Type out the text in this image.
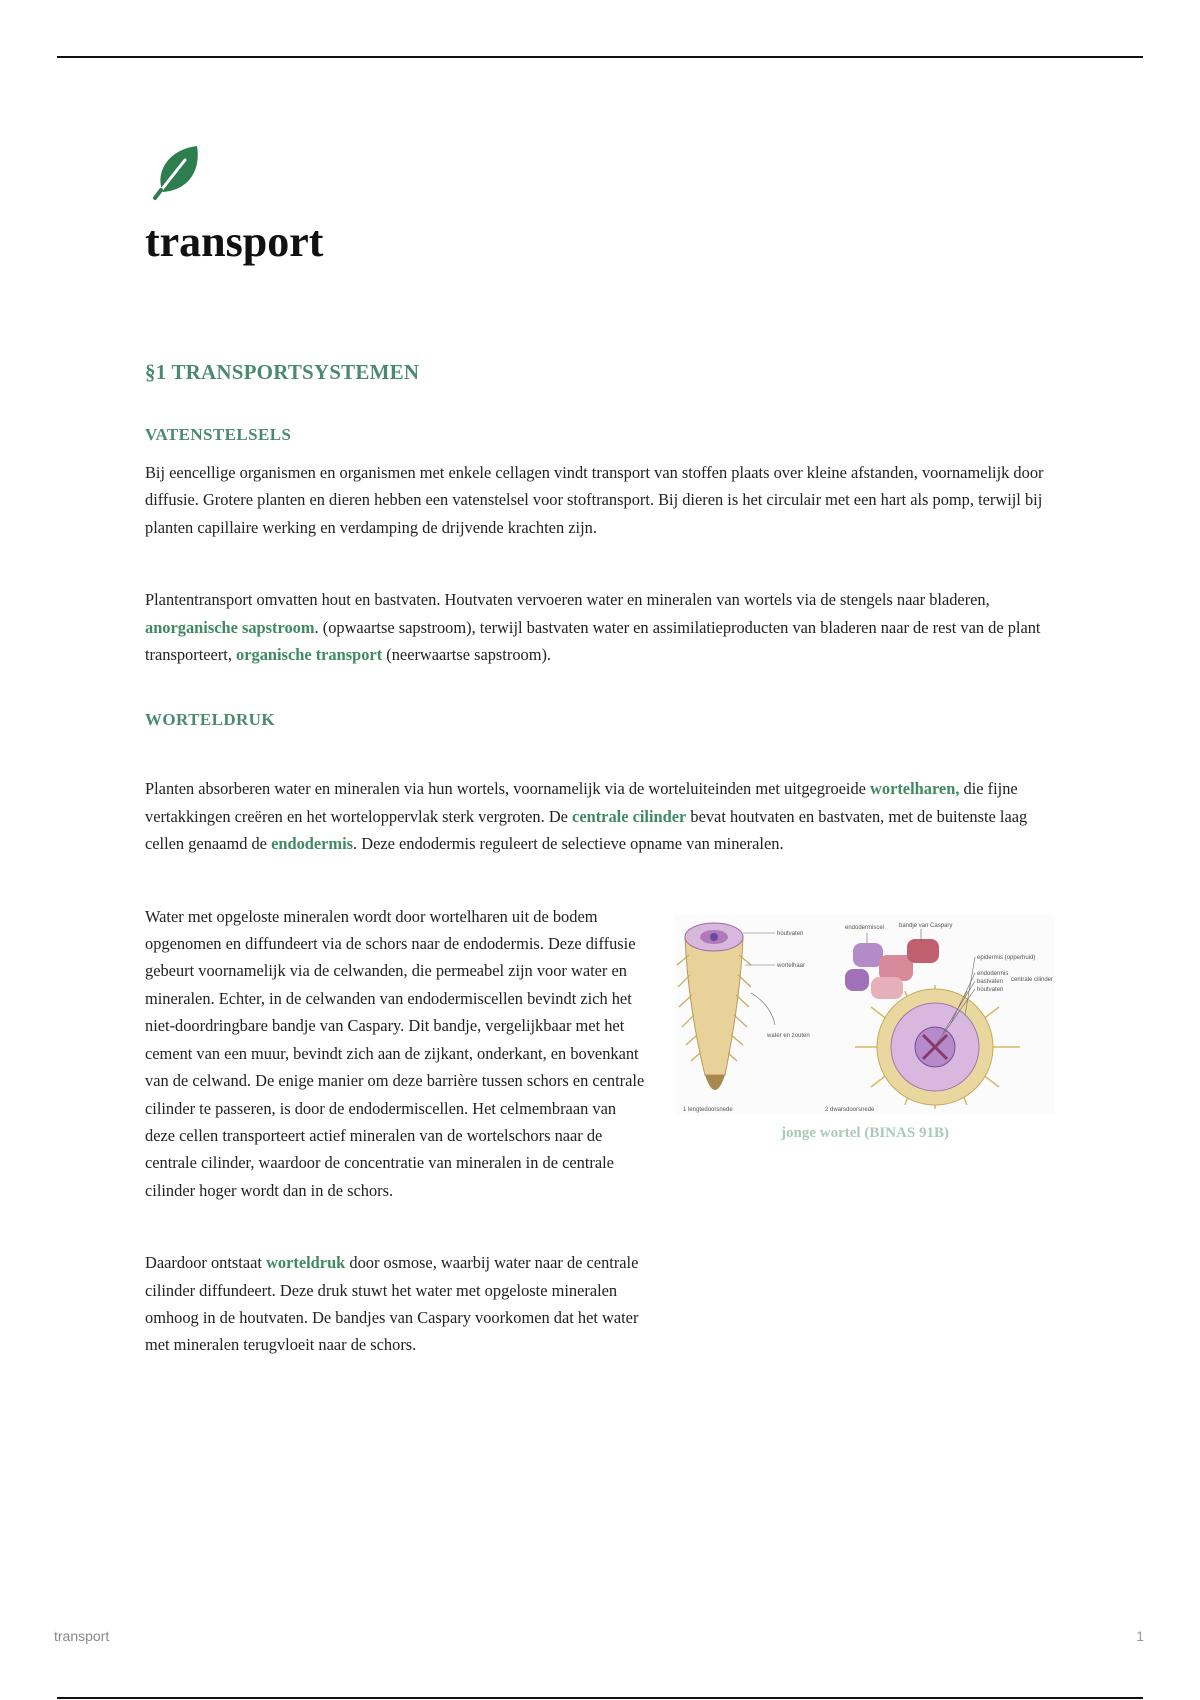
transport
§1 TRANSPORTSYSTEMEN
VATENSTELSELS

Bij eencellige organismen en organismen met enkele cellagen vindt transport van stoffen plaats over kleine afstanden, voornamelijk door diffusie. Grotere planten en dieren hebben een vatenstelsel voor stoftransport. Bij dieren is het circulair met een hart als pomp, terwijl bij planten capillaire werking en verdamping de drijvende krachten zijn.

Plantentransport omvatten hout en bastvaten. Houtvaten vervoeren water en mineralen van wortels via de stengels naar bladeren, anorganische sapstroom. (opwaartse sapstroom), terwijl bastvaten water en assimilatieproducten van bladeren naar de rest van de plant transporteert, organische transport (neerwaartse sapstroom).

WORTELDRUK

Planten absorberen water en mineralen via hun wortels, voornamelijk via de worteluiteinden met uitgegroeide wortelharen, die fijne vertakkingen creëren en het worteloppervlak sterk vergroten. De centrale cilinder bevat houtvaten en bastvaten, met de buitenste laag cellen genaamd de endodermis. Deze endodermis reguleert de selectieve opname van mineralen.

Water met opgeloste mineralen wordt door wortelharen uit de bodem opgenomen en diffundeert via de schors naar de endodermis. Deze diffusie gebeurt voornamelijk via de celwanden, die permeabel zijn voor water en mineralen. Echter, in de celwanden van endodermiscellen bevindt zich het niet-doordringbare bandje van Caspary. Dit bandje, vergelijkbaar met het cement van een muur, bevindt zich aan de zijkant, onderkant, en bovenkant van de celwand. De enige manier om deze barrière tussen schors en centrale cilinder te passeren, is door de endodermiscellen. Het celmembraan van deze cellen transporteert actief mineralen van de wortelschors naar de centrale cilinder, waardoor de concentratie van mineralen in de centrale cilinder hoger wordt dan in de schors.

Daardoor ontstaat worteldruk door osmose, waarbij water naar de centrale cilinder diffundeert. Deze druk stuwt het water met opgeloste mineralen omhoog in de houtvaten. De bandjes van Caspary voorkomen dat het water met mineralen terugvloeit naar de schors.

houtvaten
wortelhaar
water en zouten
endodermiscel bandje van Caspary
epidermis (opperhuid)
endodermis
bastvaten
houtvaten
centrale cilinder
1 lengtedoorsnede	2 dwarsdoorsnede
jonge wortel (BINAS 91B)
transport	1
